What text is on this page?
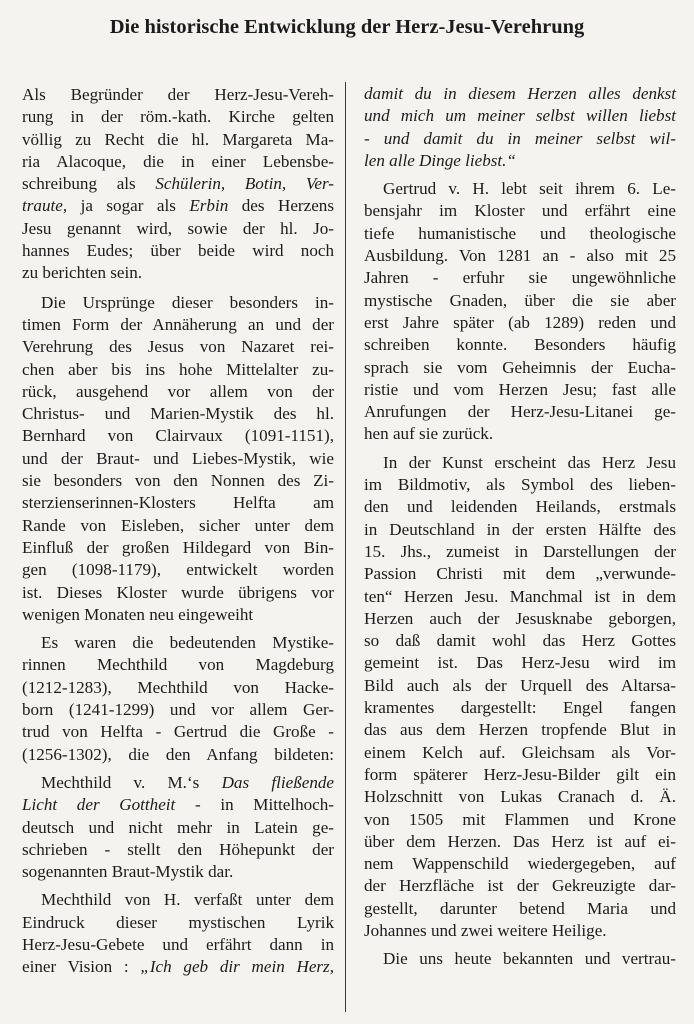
Die historische Entwicklung der Herz-Jesu-Verehrung
Als Begründer der Herz-Jesu-Vereh-
rung in der röm.-kath. Kirche gelten
völlig zu Recht die hl. Margareta Ma-
ria Alacoque, die in einer Lebensbe-
schreibung als Schülerin, Botin, Ver-
traute, ja sogar als Erbin des Herzens
Jesu genannt wird, sowie der hl. Jo-
hannes Eudes; über beide wird noch
zu berichten sein.
Die Ursprünge dieser besonders in-
timen Form der Annäherung an und der
Verehrung des Jesus von Nazaret rei-
chen aber bis ins hohe Mittelalter zu-
rück, ausgehend vor allem von der
Christus- und Marien-Mystik des hl.
Bernhard von Clairvaux (1091-1151),
und der Braut- und Liebes-Mystik, wie
sie besonders von den Nonnen des Zi-
sterzienserinnen-Klosters Helfta am
Rande von Eisleben, sicher unter dem
Einfluß der großen Hildegard von Bin-
gen (1098-1179), entwickelt worden
ist. Dieses Kloster wurde übrigens vor
wenigen Monaten neu eingeweiht
Es waren die bedeutenden Mystike-
rinnen Mechthild von Magdeburg
(1212-1283), Mechthild von Hacke-
born (1241-1299) und vor allem Ger-
trud von Helfta - Gertrud die Große -
(1256-1302), die den Anfang bildeten:
Mechthild v. M.‘s Das fließende
Licht der Gottheit - in Mittelhoch-
deutsch und nicht mehr in Latein ge-
schrieben - stellt den Höhepunkt der
sogenannten Braut-Mystik dar.
Mechthild von H. verfaßt unter dem
Eindruck dieser mystischen Lyrik
Herz-Jesu-Gebete und erfährt dann in
einer Vision : „Ich geb dir mein Herz,
damit du in diesem Herzen alles denkst
und mich um meiner selbst willen liebst
- und damit du in meiner selbst wil-
len alle Dinge liebst.“
Gertrud v. H. lebt seit ihrem 6. Le-
bensjahr im Kloster und erfährt eine
tiefe humanistische und theologische
Ausbildung. Von 1281 an - also mit 25
Jahren - erfuhr sie ungewöhnliche
mystische Gnaden, über die sie aber
erst Jahre später (ab 1289) reden und
schreiben konnte. Besonders häufig
sprach sie vom Geheimnis der Eucha-
ristie und vom Herzen Jesu; fast alle
Anrufungen der Herz-Jesu-Litanei ge-
hen auf sie zurück.
In der Kunst erscheint das Herz Jesu
im Bildmotiv, als Symbol des lieben-
den und leidenden Heilands, erstmals
in Deutschland in der ersten Hälfte des
15. Jhs., zumeist in Darstellungen der
Passion Christi mit dem „verwunde-
ten“ Herzen Jesu. Manchmal ist in dem
Herzen auch der Jesusknabe geborgen,
so daß damit wohl das Herz Gottes
gemeint ist. Das Herz-Jesu wird im
Bild auch als der Urquell des Altarsa-
kramentes dargestellt: Engel fangen
das aus dem Herzen tropfende Blut in
einem Kelch auf. Gleichsam als Vor-
form späterer Herz-Jesu-Bilder gilt ein
Holzschnitt von Lukas Cranach d. Ä.
von 1505 mit Flammen und Krone
über dem Herzen. Das Herz ist auf ei-
nem Wappenschild wiedergegeben, auf
der Herzfläche ist der Gekreuzigte dar-
gestellt, darunter betend Maria und
Johannes und zwei weitere Heilige.
Die uns heute bekannten und vertrau-
